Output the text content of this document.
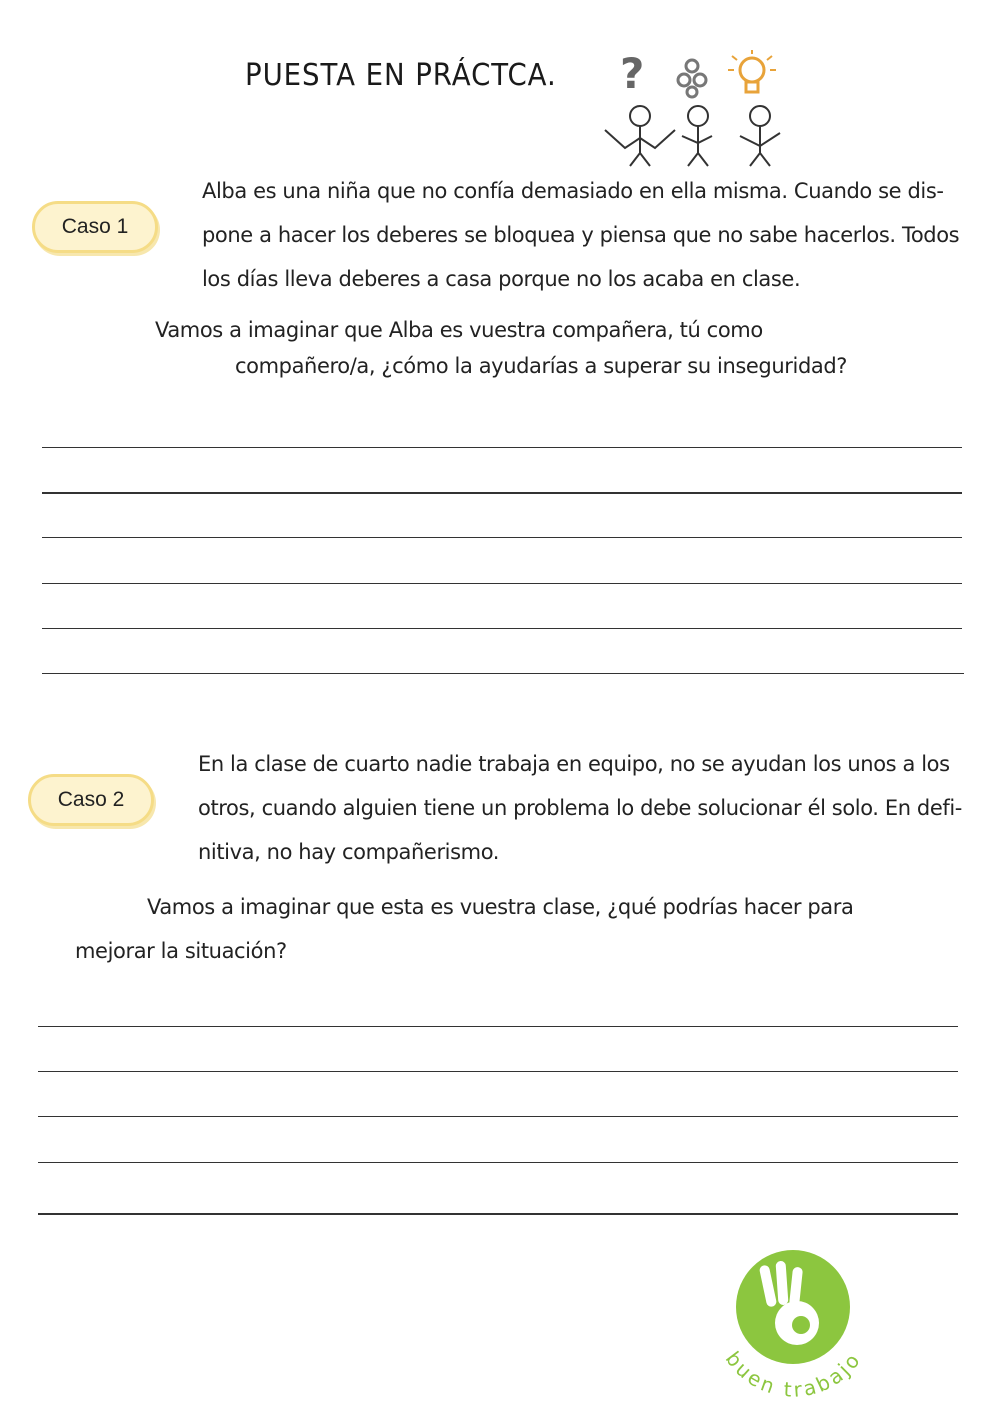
PUESTA EN PRÁCTCA. ?
Caso 1
Alba es una niña que no confía demasiado en ella misma. Cuando se dis-
pone a hacer los deberes se bloquea y piensa que no sabe hacerlos. Todos
los días lleva deberes a casa porque no los acaba en clase.
Vamos a imaginar que Alba es vuestra compañera, tú como
compañero/a, ¿cómo la ayudarías a superar su inseguridad?
Caso 2
En la clase de cuarto nadie trabaja en equipo, no se ayudan los unos a los
otros, cuando alguien tiene un problema lo debe solucionar él solo. En defi-
nitiva, no hay compañerismo.
Vamos a imaginar que esta es vuestra clase, ¿qué podrías hacer para
mejorar la situación?
buen trabajo
